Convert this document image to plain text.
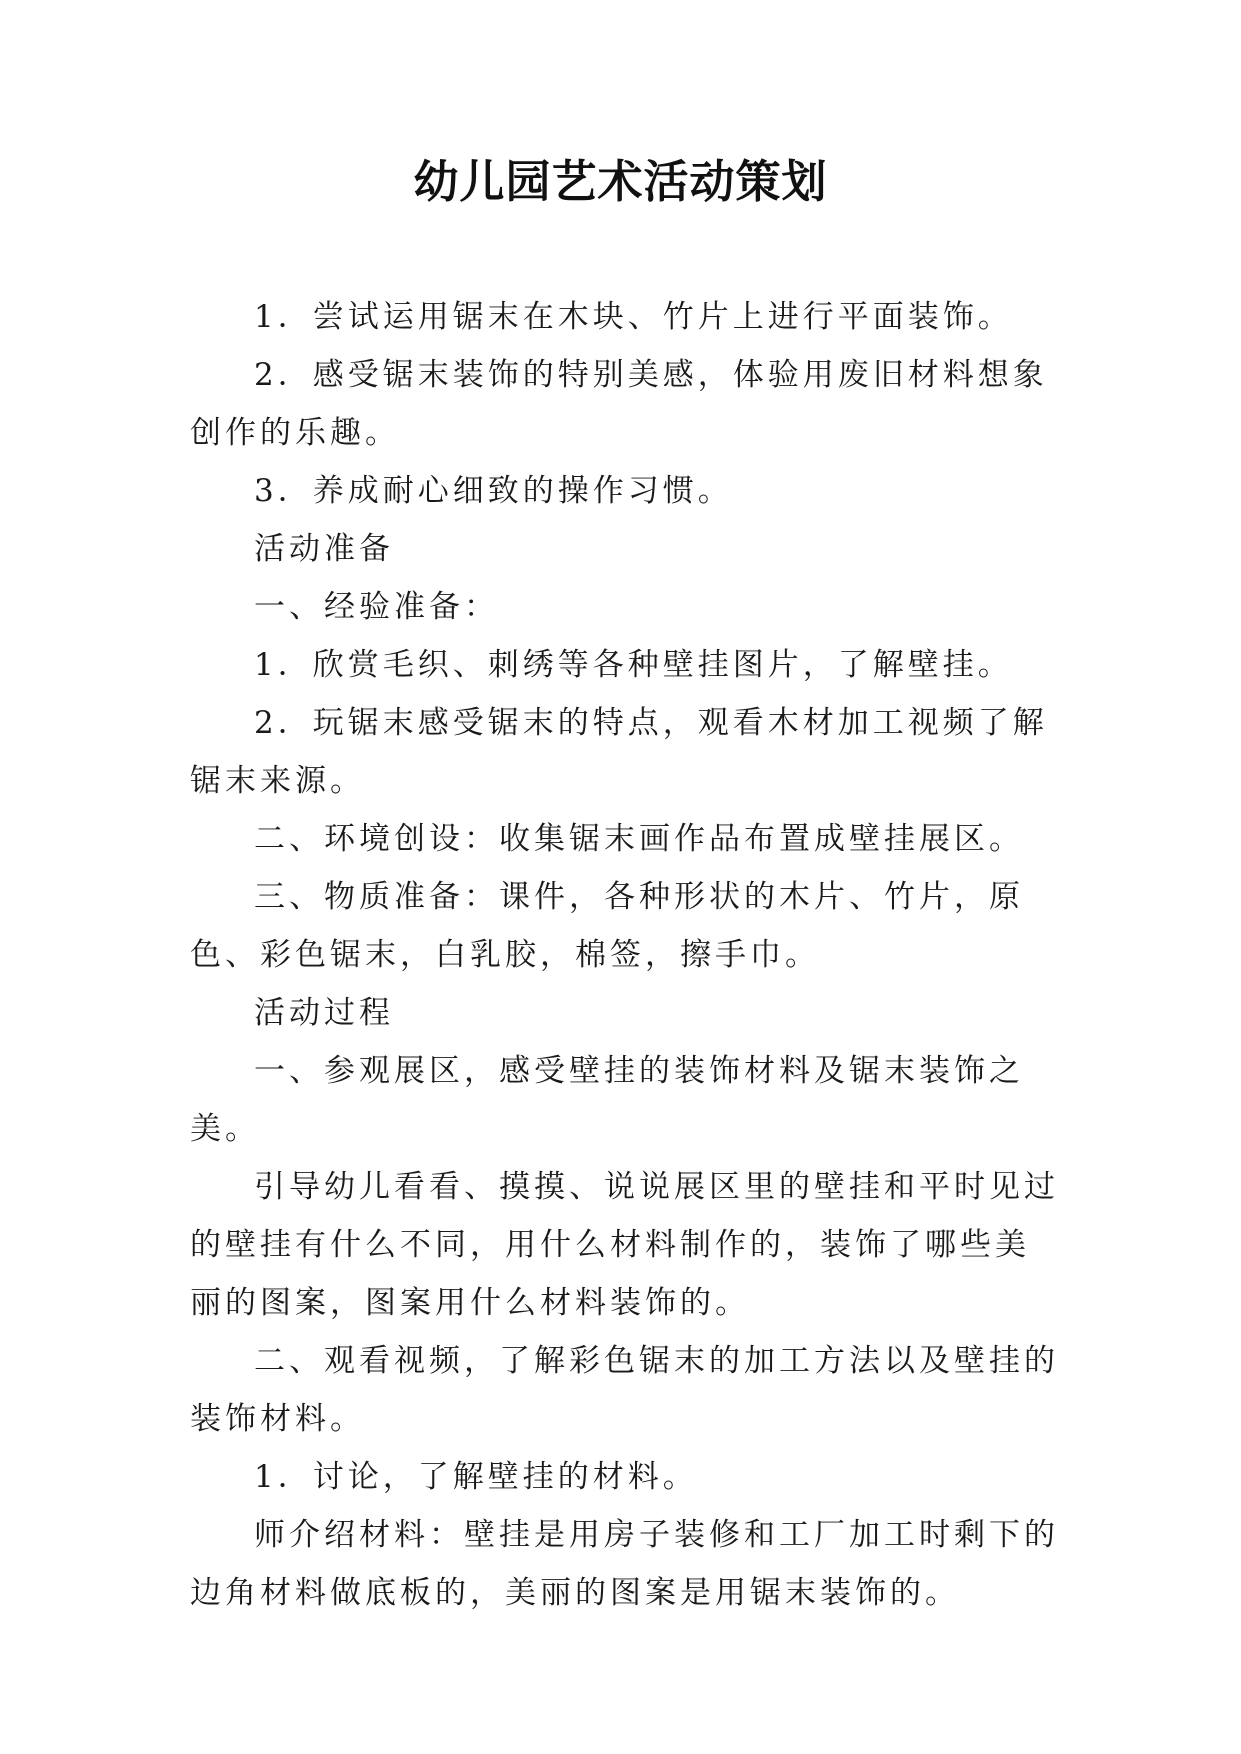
幼儿园艺术活动策划

1．尝试运用锯末在木块、竹片上进行平面装饰。

2．感受锯末装饰的特别美感，体验用废旧材料想象创作的乐趣。

3．养成耐心细致的操作习惯。

活动准备

一、经验准备：

1．欣赏毛织、刺绣等各种壁挂图片，了解壁挂。

2．玩锯末感受锯末的特点，观看木材加工视频了解锯末来源。

二、环境创设：收集锯末画作品布置成壁挂展区。

三、物质准备：课件，各种形状的木片、竹片，原色、彩色锯末，白乳胶，棉签，擦手巾。

活动过程

一、参观展区，感受壁挂的装饰材料及锯末装饰之美。

引导幼儿看看、摸摸、说说展区里的壁挂和平时见过的壁挂有什么不同，用什么材料制作的，装饰了哪些美丽的图案，图案用什么材料装饰的。

二、观看视频，了解彩色锯末的加工方法以及壁挂的装饰材料。

1．讨论，了解壁挂的材料。

师介绍材料：壁挂是用房子装修和工厂加工时剩下的边角材料做底板的，美丽的图案是用锯末装饰的。
